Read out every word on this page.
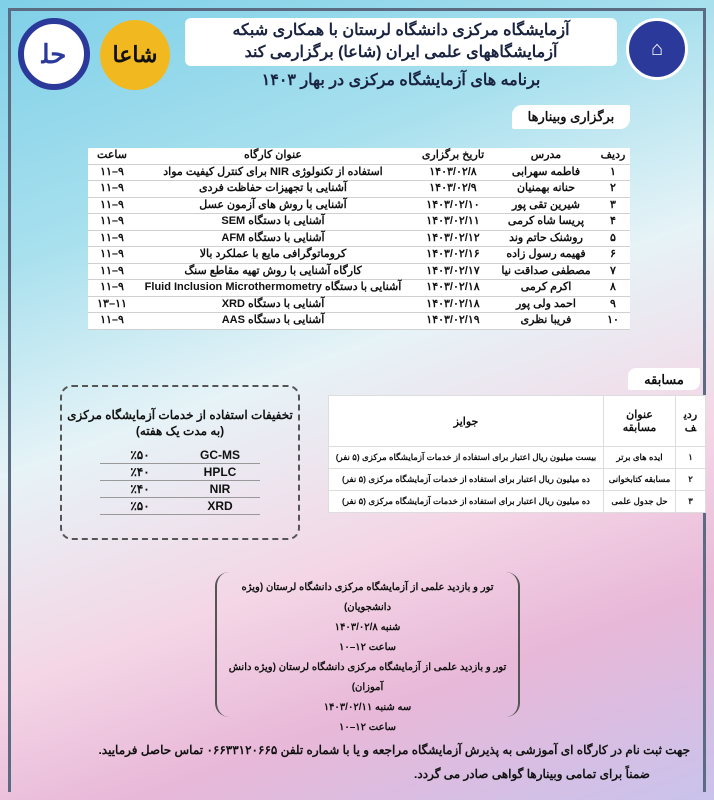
ﺣﻠ	شاعا	⌂
آزمایشگاه مرکزی دانشگاه لرستان با همکاری شبکه
آزمایشگاههای علمی ایران (شاعا) برگزارمی کند
برنامه های آزمایشگاه مرکزی در بهار ۱۴۰۳
برگزاری وبینارها
ردیف	مدرس	تاریخ برگزاری	عنوان کارگاه	ساعت
۱	فاطمه سهرابی	۱۴۰۳/۰۲/۸	استفاده از تکنولوژی NIR برای کنترل کیفیت مواد	۹–۱۱
۲	حنانه بهمنیان	۱۴۰۳/۰۲/۹	آشنایی با تجهیزات حفاظت فردی	۹–۱۱
۳	شیرین تقی پور	۱۴۰۳/۰۲/۱۰	آشنایی با روش های آزمون عسل	۹–۱۱
۴	پریسا شاه کرمی	۱۴۰۳/۰۲/۱۱	آشنایی با دستگاه SEM	۹–۱۱
۵	روشنک حاتم وند	۱۴۰۳/۰۲/۱۲	آشنایی با دستگاه AFM	۹–۱۱
۶	فهیمه رسول زاده	۱۴۰۳/۰۲/۱۶	کروماتوگرافی مایع با عملکرد بالا	۹–۱۱
۷	مصطفی صداقت نیا	۱۴۰۳/۰۲/۱۷	کارگاه آشنایی با روش تهیه مقاطع سنگ	۹–۱۱
۸	اکرم کرمی	۱۴۰۳/۰۲/۱۸	آشنایی با دستگاه Fluid Inclusion Microthermometry	۹–۱۱
۹	احمد ولی پور	۱۴۰۳/۰۲/۱۸	آشنایی با دستگاه XRD	۱۱–۱۳
۱۰	فریبا نظری	۱۴۰۳/۰۲/۱۹	آشنایی با دستگاه AAS	۹–۱۱
مسابقه
ردیف	عنوان مسابقه	جوایز
۱	ایده های برتر	بیست میلیون ریال اعتبار برای استفاده از خدمات آزمایشگاه مرکزی (۵ نفر)
۲	مسابقه کتابخوانی	ده میلیون ریال اعتبار برای استفاده از خدمات آزمایشگاه مرکزی (۵ نفر)
۳	حل جدول علمی	ده میلیون ریال اعتبار برای استفاده از خدمات آزمایشگاه مرکزی (۵ نفر)
تخفیفات استفاده از خدمات آزمایشگاه مرکزی
(به مدت یک هفته)
GC-MS	٪۵۰
HPLC	٪۴۰
NIR	٪۴۰
XRD	٪۵۰
تور و بازدید علمی از آزمایشگاه مرکزی دانشگاه لرستان (ویژه دانشجویان)
شنبه ۱۴۰۳/۰۲/۸
ساعت ۱۲–۱۰
تور و بازدید علمی از آزمایشگاه مرکزی دانشگاه لرستان (ویژه دانش آموزان)
سه شنبه ۱۴۰۳/۰۲/۱۱
ساعت ۱۲–۱۰
جهت ثبت نام در کارگاه ای آموزشی به پذیرش آزمایشگاه مراجعه و یا با شماره تلفن ۰۶۶۳۳۱۲۰۶۶۵ تماس حاصل فرمایید.
ضمناً برای تمامی وبینارها گواهی صادر می گردد.
